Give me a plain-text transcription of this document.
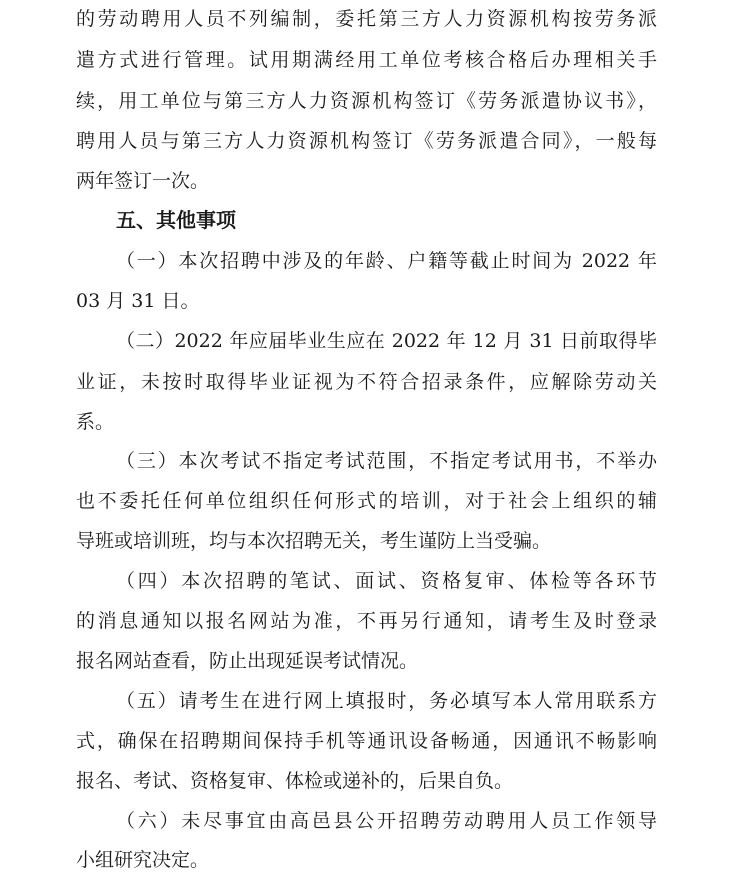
的劳动聘用人员不列编制，委托第三方人力资源机构按劳务派
遣方式进行管理。试用期满经用工单位考核合格后办理相关手
续，用工单位与第三方人力资源机构签订《劳务派遣协议书》，
聘用人员与第三方人力资源机构签订《劳务派遣合同》，一般每
两年签订一次。
五、其他事项
（一）本次招聘中涉及的年龄、户籍等截止时间为 2022 年
03 月 31 日。
（二）2022 年应届毕业生应在 2022 年 12 月 31 日前取得毕
业证，未按时取得毕业证视为不符合招录条件，应解除劳动关
系。
（三）本次考试不指定考试范围，不指定考试用书，不举办
也不委托任何单位组织任何形式的培训，对于社会上组织的辅
导班或培训班，均与本次招聘无关，考生谨防上当受骗。
（四）本次招聘的笔试、面试、资格复审、体检等各环节
的消息通知以报名网站为准，不再另行通知，请考生及时登录
报名网站查看，防止出现延误考试情况。
（五）请考生在进行网上填报时，务必填写本人常用联系方
式，确保在招聘期间保持手机等通讯设备畅通，因通讯不畅影响
报名、考试、资格复审、体检或递补的，后果自负。
（六）未尽事宜由高邑县公开招聘劳动聘用人员工作领导
小组研究决定。
